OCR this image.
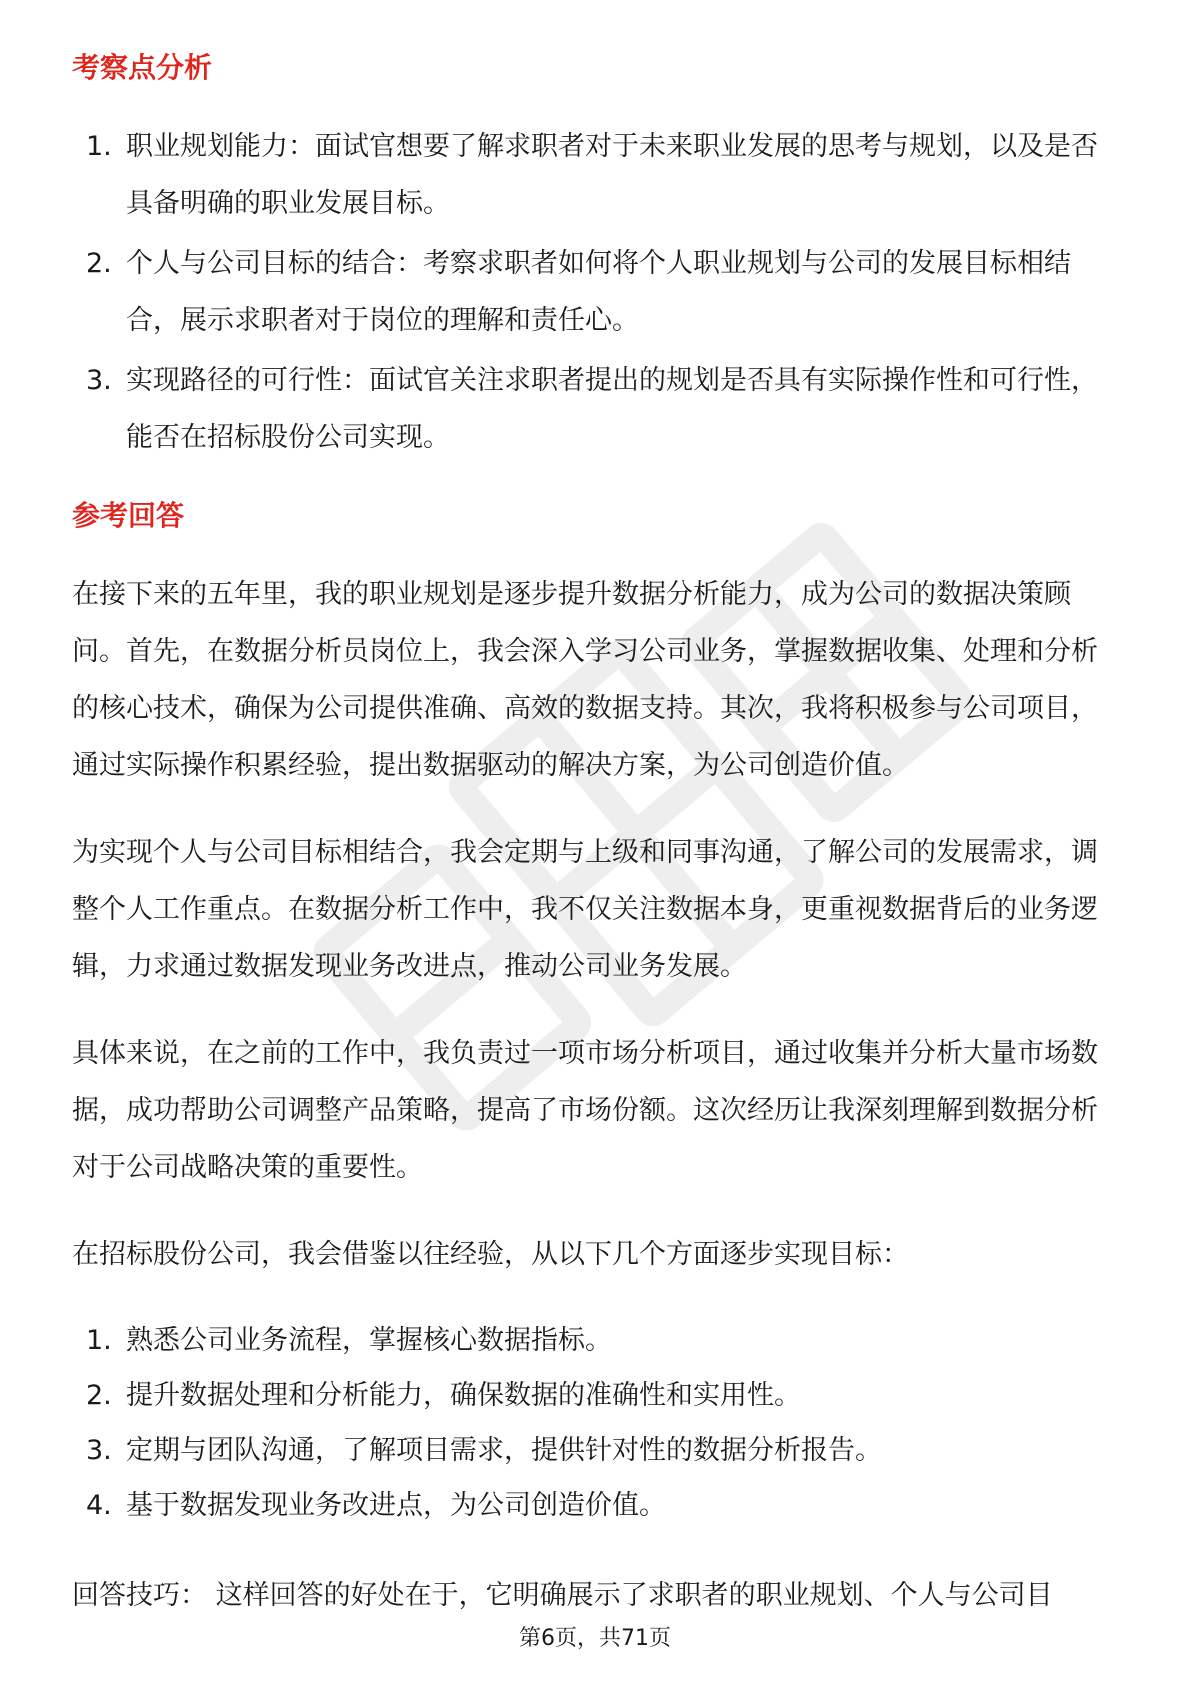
考察点分析
1. 职业规划能力：面试官想要了解求职者对于未来职业发展的思考与规划，以及是否具备明确的职业发展目标。
2. 个人与公司目标的结合：考察求职者如何将个人职业规划与公司的发展目标相结合，展示求职者对于岗位的理解和责任心。
3. 实现路径的可行性：面试官关注求职者提出的规划是否具有实际操作性和可行性，能否在招标股份公司实现。
参考回答

在接下来的五年里，我的职业规划是逐步提升数据分析能力，成为公司的数据决策顾问。首先，在数据分析员岗位上，我会深入学习公司业务，掌握数据收集、处理和分析的核心技术，确保为公司提供准确、高效的数据支持。其次，我将积极参与公司项目，通过实际操作积累经验，提出数据驱动的解决方案，为公司创造价值。

为实现个人与公司目标相结合，我会定期与上级和同事沟通，了解公司的发展需求，调整个人工作重点。在数据分析工作中，我不仅关注数据本身，更重视数据背后的业务逻辑，力求通过数据发现业务改进点，推动公司业务发展。

具体来说，在之前的工作中，我负责过一项市场分析项目，通过收集并分析大量市场数据，成功帮助公司调整产品策略，提高了市场份额。这次经历让我深刻理解到数据分析对于公司战略决策的重要性。

在招标股份公司，我会借鉴以往经验，从以下几个方面逐步实现目标：

1. 熟悉公司业务流程，掌握核心数据指标。
2. 提升数据处理和分析能力，确保数据的准确性和实用性。
3. 定期与团队沟通，了解项目需求，提供针对性的数据分析报告。
4. 基于数据发现业务改进点，为公司创造价值。

回答技巧： 这样回答的好处在于，它明确展示了求职者的职业规划、个人与公司目

第6页，共71页
